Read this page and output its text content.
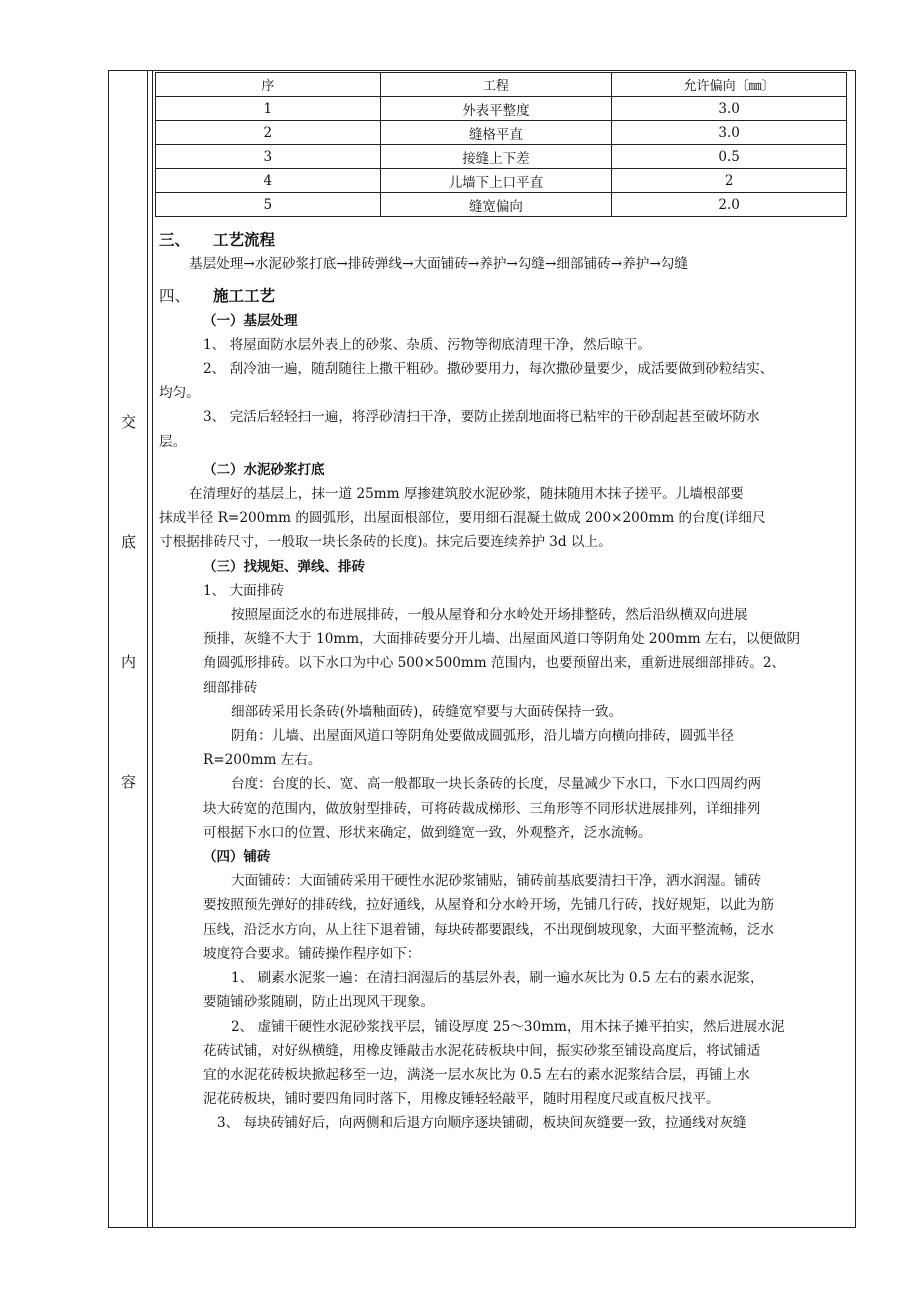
交
底
内
容
序	工程	允许偏向〔㎜〕
1	外表平整度	3.0
2	缝格平直	3.0
3	接缝上下差	0.5
4	儿墙下上口平直	2
5	缝宽偏向	2.0
三、 工艺流程

基层处理→水泥砂浆打底→排砖弹线→大面铺砖→养护→勾缝→细部铺砖→养护→勾缝

四、 施工工艺
（一）基层处理

1、 将屋面防水层外表上的砂浆、杂质、污物等彻底清理干净，然后晾干。

2、 刮冷油一遍，随刮随往上撒干粗砂。撒砂要用力，每次撒砂量要少，成活要做到砂粒结实、

均匀。

3、 完活后轻轻扫一遍，将浮砂清扫干净，要防止搓刮地面将已粘牢的干砂刮起甚至破坏防水

层。

（二）水泥砂浆打底

在清理好的基层上，抹一道 25mm 厚掺建筑胶水泥砂浆，随抹随用木抹子搓平。儿墙根部要

抹成半径 R=200mm 的圆弧形，出屋面根部位，要用细石混凝土做成 200×200mm 的台度(详细尺

寸根据排砖尺寸，一般取一块长条砖的长度)。抹完后要连续养护 3d 以上。

（三）找规矩、弹线、排砖

1、 大面排砖

按照屋面泛水的布进展排砖，一般从屋脊和分水岭处开场排整砖，然后沿纵横双向进展

预排，灰缝不大于 10mm，大面排砖要分开儿墙、出屋面风道口等阴角处 200mm 左右，以便做阴

角圆弧形排砖。以下水口为中心 500×500mm 范围内，也要预留出来，重新进展细部排砖。2、

细部排砖

细部砖采用长条砖(外墙釉面砖)，砖缝宽窄要与大面砖保持一致。

阴角：儿墙、出屋面风道口等阴角处要做成圆弧形，沿儿墙方向横向排砖，圆弧半径

R=200mm 左右。

台度：台度的长、宽、高一般都取一块长条砖的长度，尽量减少下水口，下水口四周约两

块大砖宽的范围内，做放射型排砖，可将砖裁成梯形、三角形等不同形状进展排列，详细排列

可根据下水口的位置、形状来确定，做到缝宽一致，外观整齐，泛水流畅。

（四）铺砖

大面铺砖：大面铺砖采用干硬性水泥砂浆铺贴，铺砖前基底要清扫干净，洒水润湿。铺砖

要按照预先弹好的排砖线，拉好通线，从屋脊和分水岭开场，先铺几行砖，找好规矩，以此为筋

压线，沿泛水方向，从上往下退着铺，每块砖都要跟线，不出现倒坡现象，大面平整流畅，泛水

坡度符合要求。铺砖操作程序如下：

1、 刷素水泥浆一遍：在清扫润湿后的基层外表，刷一遍水灰比为 0.5 左右的素水泥浆，

要随铺砂浆随刷，防止出现风干现象。

2、 虚铺干硬性水泥砂浆找平层，铺设厚度 25～30mm，用木抹子摊平拍实，然后进展水泥

花砖试铺，对好纵横缝，用橡皮锤敲击水泥花砖板块中间，振实砂浆至铺设高度后，将试铺适

宜的水泥花砖板块掀起移至一边，满浇一层水灰比为 0.5 左右的素水泥浆结合层，再铺上水

泥花砖板块，铺时要四角同时落下，用橡皮锤轻轻敲平，随时用程度尺或直板尺找平。

3、 每块砖铺好后，向两侧和后退方向顺序逐块铺砌，板块间灰缝要一致，拉通线对灰缝
